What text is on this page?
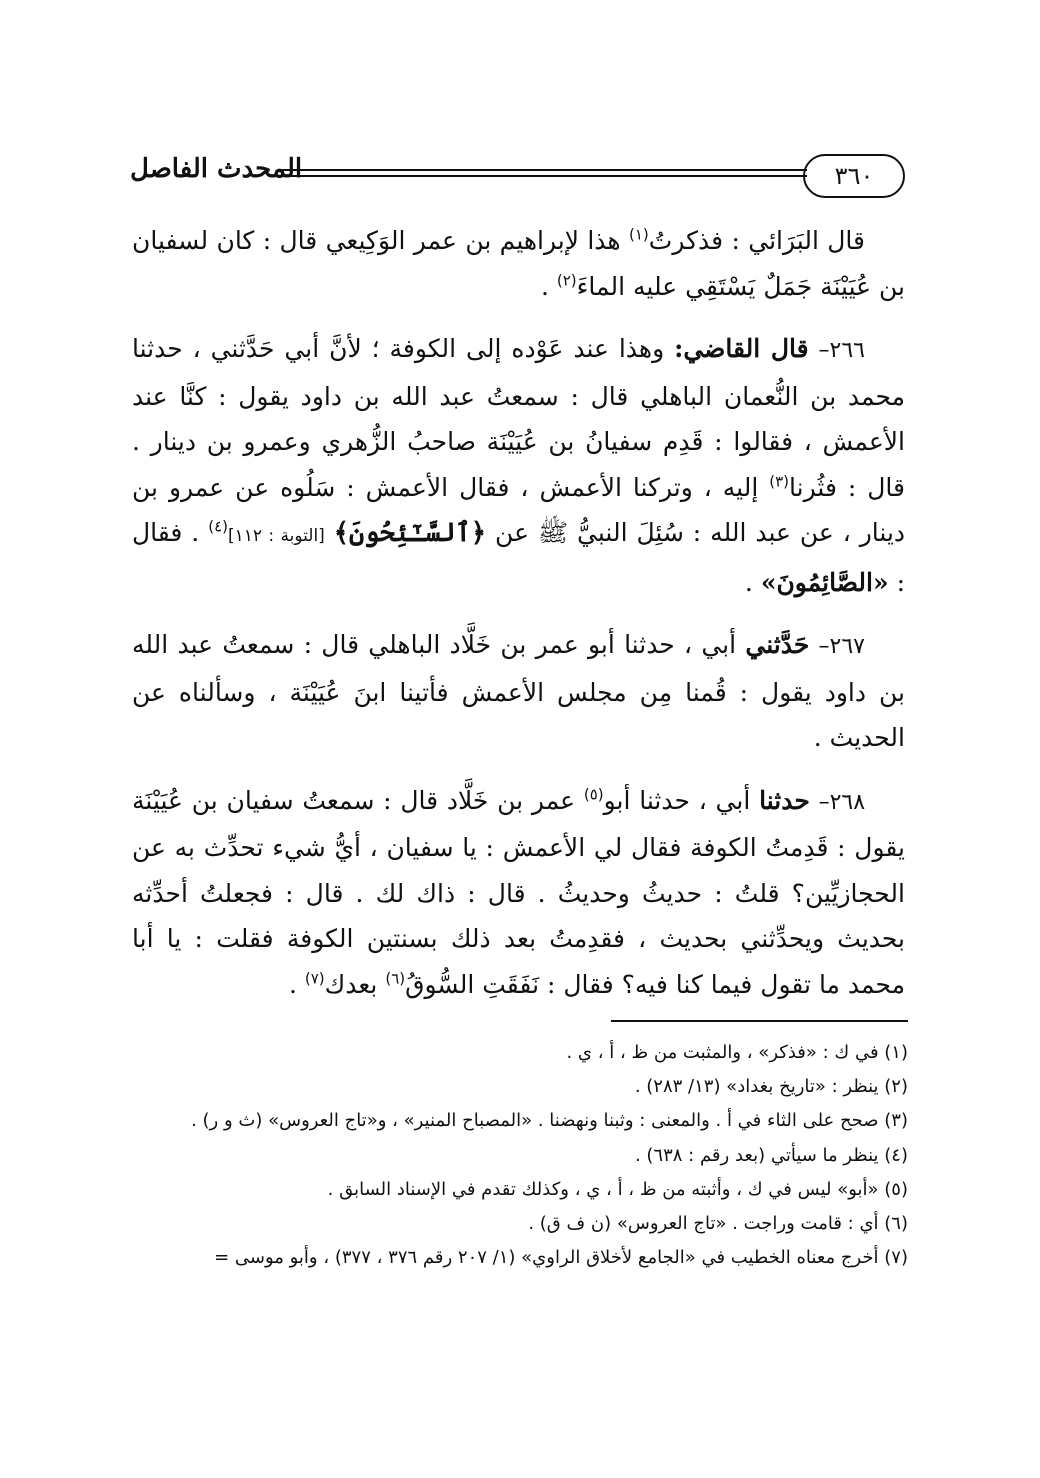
٣٦٠
المحدث الفاصل

قال البَرَائي : فذكرتُ$^{(١)}$ هذا لإبراهيم بن عمر الوَكِيعي قال : كان لسفيان بن عُيَيْنَة جَمَلٌ يَسْتَقِي عليه الماءَ$^{(٢)}$ .

٢٦٦– قال القاضي: وهذا عند عَوْده إلى الكوفة ؛ لأنَّ أبي حَدَّثني ، حدثنا محمد بن النُّعمان الباهلي قال : سمعتُ عبد الله بن داود يقول : كنَّا عند الأعمش ، فقالوا : قَدِم سفيانُ بن عُيَيْنَة صاحبُ الزُّهري وعمرو بن دينار . قال : فثُرنا$^{(٣)}$ إليه ، وتركنا الأعمش ، فقال الأعمش : سَلُوه عن عمرو بن دينار ، عن عبد الله : سُئِلَ النبيُّ ﷺ عن ﴿ٱلسَّـٰٓئِحُونَ﴾ [التوبة : ١١٢]$^{(٤)}$ . فقال : «الصَّائِمُونَ» .

٢٦٧– حَدَّثني أبي ، حدثنا أبو عمر بن خَلَّاد الباهلي قال : سمعتُ عبد الله بن داود يقول : قُمنا مِن مجلس الأعمش فأتينا ابنَ عُيَيْنَة ، وسألناه عن الحديث .

٢٦٨– حدثنا أبي ، حدثنا أبو$^{(٥)}$ عمر بن خَلَّاد قال : سمعتُ سفيان بن عُيَيْنَة يقول : قَدِمتُ الكوفة فقال لي الأعمش : يا سفيان ، أيُّ شيء تحدِّث به عن الحجازيِّين؟ قلتُ : حديثُ وحديثُ . قال : ذاك لك . قال : فجعلتُ أحدِّثه بحديث ويحدِّثني بحديث ، فقدِمتُ بعد ذلك بسنتين الكوفة فقلت : يا أبا محمد ما تقول فيما كنا فيه؟ فقال : نَفَقَتِ السُّوقُ$^{(٦)}$ بعدك$^{(٧)}$ .

(١) في ك : «فذكر» ، والمثبت من ظ ، أ ، ي .
(٢) ينظر : «تاريخ بغداد» (١٣/ ٢٨٣) .
(٣) صحح على الثاء في أ . والمعنى : وثبنا ونهضنا . «المصباح المنير» ، و«تاج العروس» (ث و ر) .
(٤) ينظر ما سيأتي (بعد رقم : ٦٣٨) .
(٥) «أبو» ليس في ك ، وأثبته من ظ ، أ ، ي ، وكذلك تقدم في الإسناد السابق .
(٦) أي : قامت وراجت . «تاج العروس» (ن ف ق) .
(٧) أخرج معناه الخطيب في «الجامع لأخلاق الراوي» (١/ ٢٠٧ رقم ٣٧٦ ، ٣٧٧) ، وأبو موسى =
